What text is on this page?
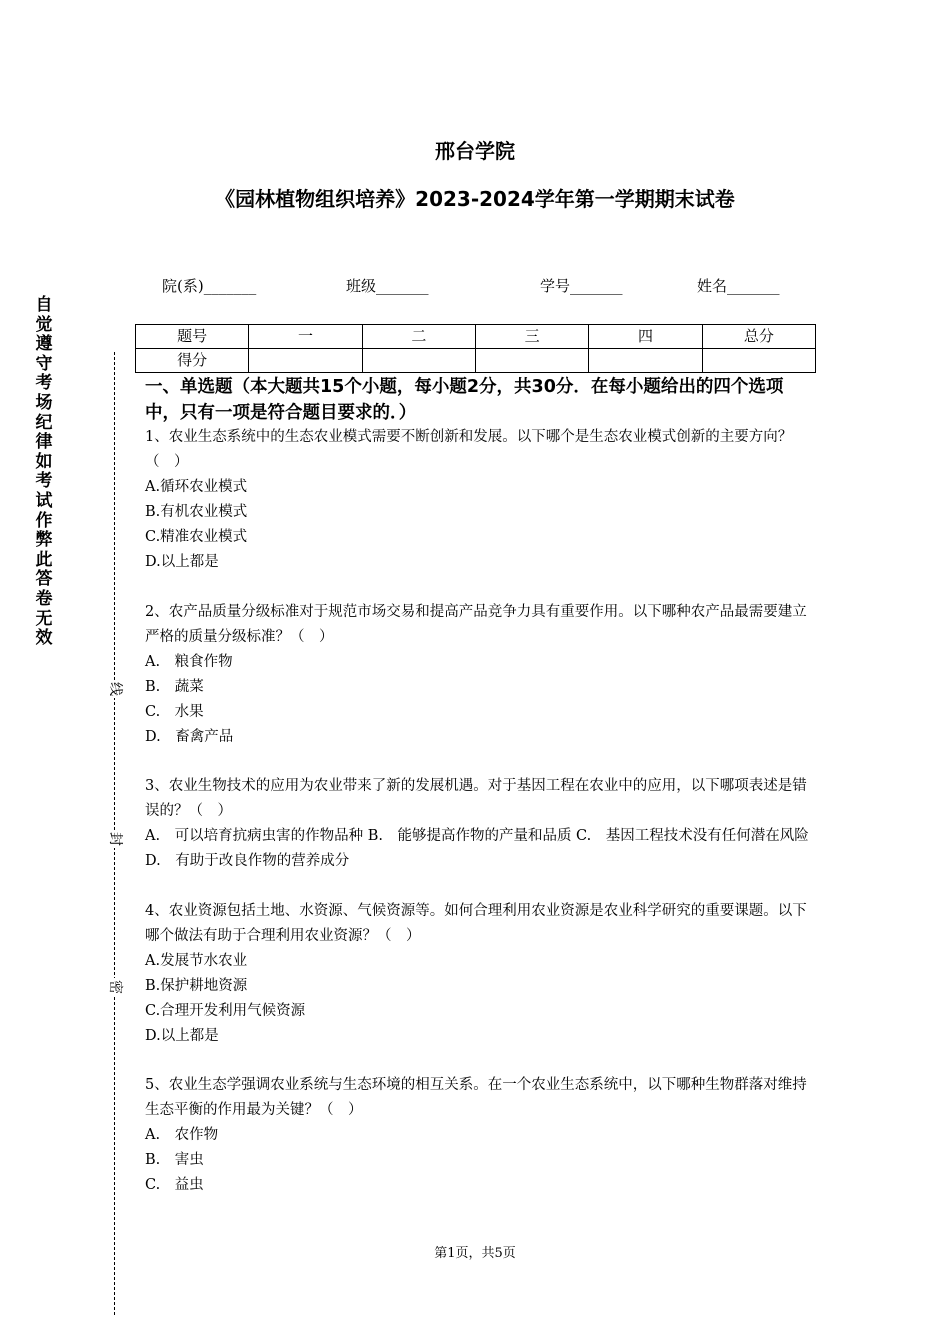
邢台学院
《园林植物组织培养》2023-2024学年第一学期期末试卷
院(系)_______	班级_______	学号_______	姓名_______
自觉遵守考场纪律如考试作弊此答卷无效
线
封
密
题号	一	二	三	四	总分
得分					
一、单选题（本大题共15个小题，每小题2分，共30分．在每小题给出的四个选项中，只有一项是符合题目要求的．）

1、农业生态系统中的生态农业模式需要不断创新和发展。以下哪个是生态农业模式创新的主要方向？（　）

A.循环农业模式

B.有机农业模式

C.精准农业模式

D.以上都是

2、农产品质量分级标准对于规范市场交易和提高产品竞争力具有重要作用。以下哪种农产品最需要建立严格的质量分级标准？（　）

A.　粮食作物

B.　蔬菜

C.　水果

D.　畜禽产品

3、农业生物技术的应用为农业带来了新的发展机遇。对于基因工程在农业中的应用，以下哪项表述是错误的？（　）

A.　可以培育抗病虫害的作物品种 B.　能够提高作物的产量和品质 C.　基因工程技术没有任何潜在风险 D.　有助于改良作物的营养成分

4、农业资源包括土地、水资源、气候资源等。如何合理利用农业资源是农业科学研究的重要课题。以下哪个做法有助于合理利用农业资源？（　）

A.发展节水农业

B.保护耕地资源

C.合理开发利用气候资源

D.以上都是

5、农业生态学强调农业系统与生态环境的相互关系。在一个农业生态系统中，以下哪种生物群落对维持生态平衡的作用最为关键？（　）

A.　农作物

B.　害虫

C.　益虫

第1页，共5页
